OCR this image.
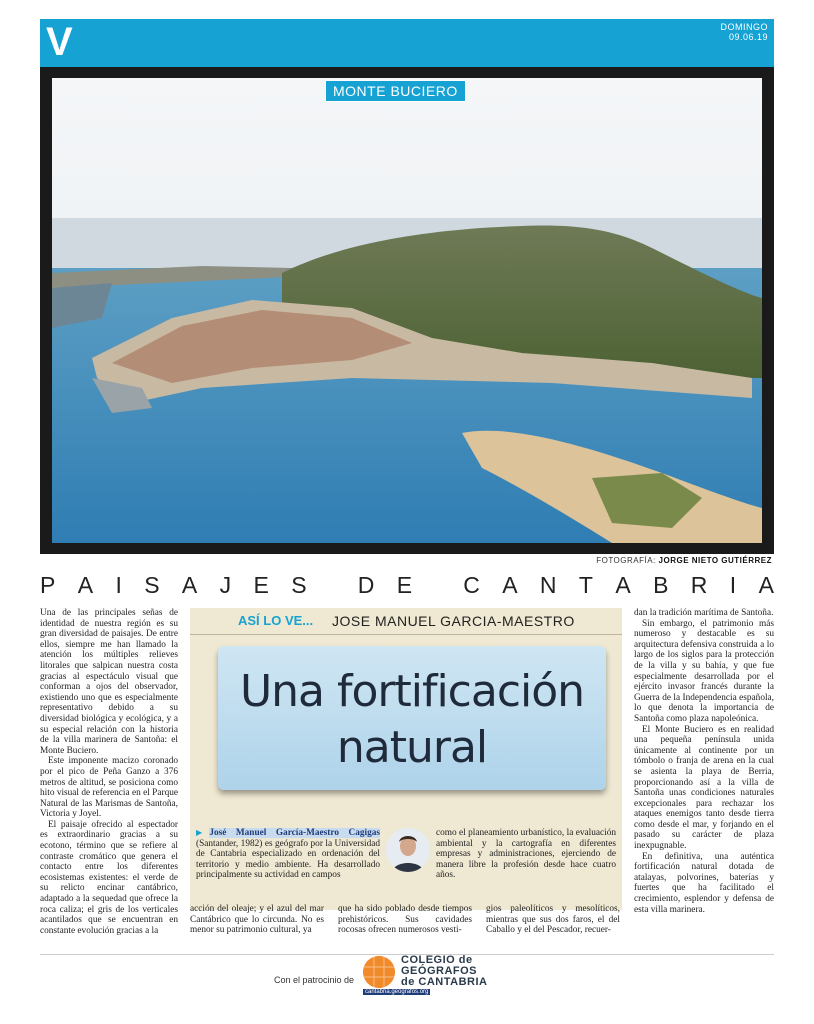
V	DOMINGO
09.06.19
MONTE BUCIERO
FOTOGRAFÍA: JORGE NIETO GUTIÉRREZ
P A I S A J E S
D E
C A N T A B R I A

Una de las principales señas de identidad de nuestra región es su gran diversidad de paisajes. De entre ellos, siempre me han llamado la atención los múltiples relieves litorales que salpican nuestra costa gracias al espectáculo visual que conforman a ojos del observador, existiendo uno que es especialmente representativo debido a su diversidad biológica y ecológica, y a su especial relación con la historia de la villa marinera de Santoña: el Monte Buciero.

Este imponente macizo coronado por el pico de Peña Ganzo a 376 metros de altitud, se posiciona como hito visual de referencia en el Parque Natural de las Marismas de Santoña, Victoria y Joyel.

El paisaje ofrecido al espectador es extraordinario gracias a su ecotono, término que se refiere al contraste cromático que genera el contacto entre los diferentes ecosistemas existentes: el verde de su relicto encinar cantábrico, adaptado a la sequedad que ofrece la roca caliza; el gris de los verticales acantilados que se encuentran en constante evolución gracias a la

ASÍ LO VE... JOSE MANUEL GARCIA-MAESTRO
Una fortificación
natural
▶José Manuel García-Maestro Cagigas (Santander, 1982) es geógrafo por la Universidad de Cantabria especializado en ordenación del territorio y medio ambiente. Ha desarrollado principalmente su actividad en campos
como el planeamiento urbanístico, la evaluación ambiental y la cartografía en diferentes empresas y administraciones, ejerciendo de manera libre la profesión desde hace cuatro años.
acción del oleaje; y el azul del mar Cantábrico que lo circunda. No es menor su patrimonio cultural, ya
que ha sido poblado desde tiempos prehistóricos. Sus cavidades rocosas ofrecen numerosos vesti-
gios paleolíticos y mesolíticos, mientras que sus dos faros, el del Caballo y el del Pescador, recuer-

dan la tradición marítima de Santoña.

Sin embargo, el patrimonio más numeroso y destacable es su arquitectura defensiva construida a lo largo de los siglos para la protección de la villa y su bahía, y que fue especialmente desarrollada por el ejército invasor francés durante la Guerra de la Independencia española, lo que denota la importancia de Santoña como plaza napoleónica.

El Monte Buciero es en realidad una pequeña península unida únicamente al continente por un tómbolo o franja de arena en la cual se asienta la playa de Berria, proporcionando así a la villa de Santoña unas condiciones naturales excepcionales para rechazar los ataques enemigos tanto desde tierra como desde el mar, y forjando en el pasado su carácter de plaza inexpugnable.

En definitiva, una auténtica fortificación natural dotada de atalayas, polvorines, baterías y fuertes que ha facilitado el crecimiento, esplendor y defensa de esta villa marinera.

Con el patrocinio de
COLEGIO de
GEÓGRAFOS
de CANTABRIA
cantabria.geografos.org
